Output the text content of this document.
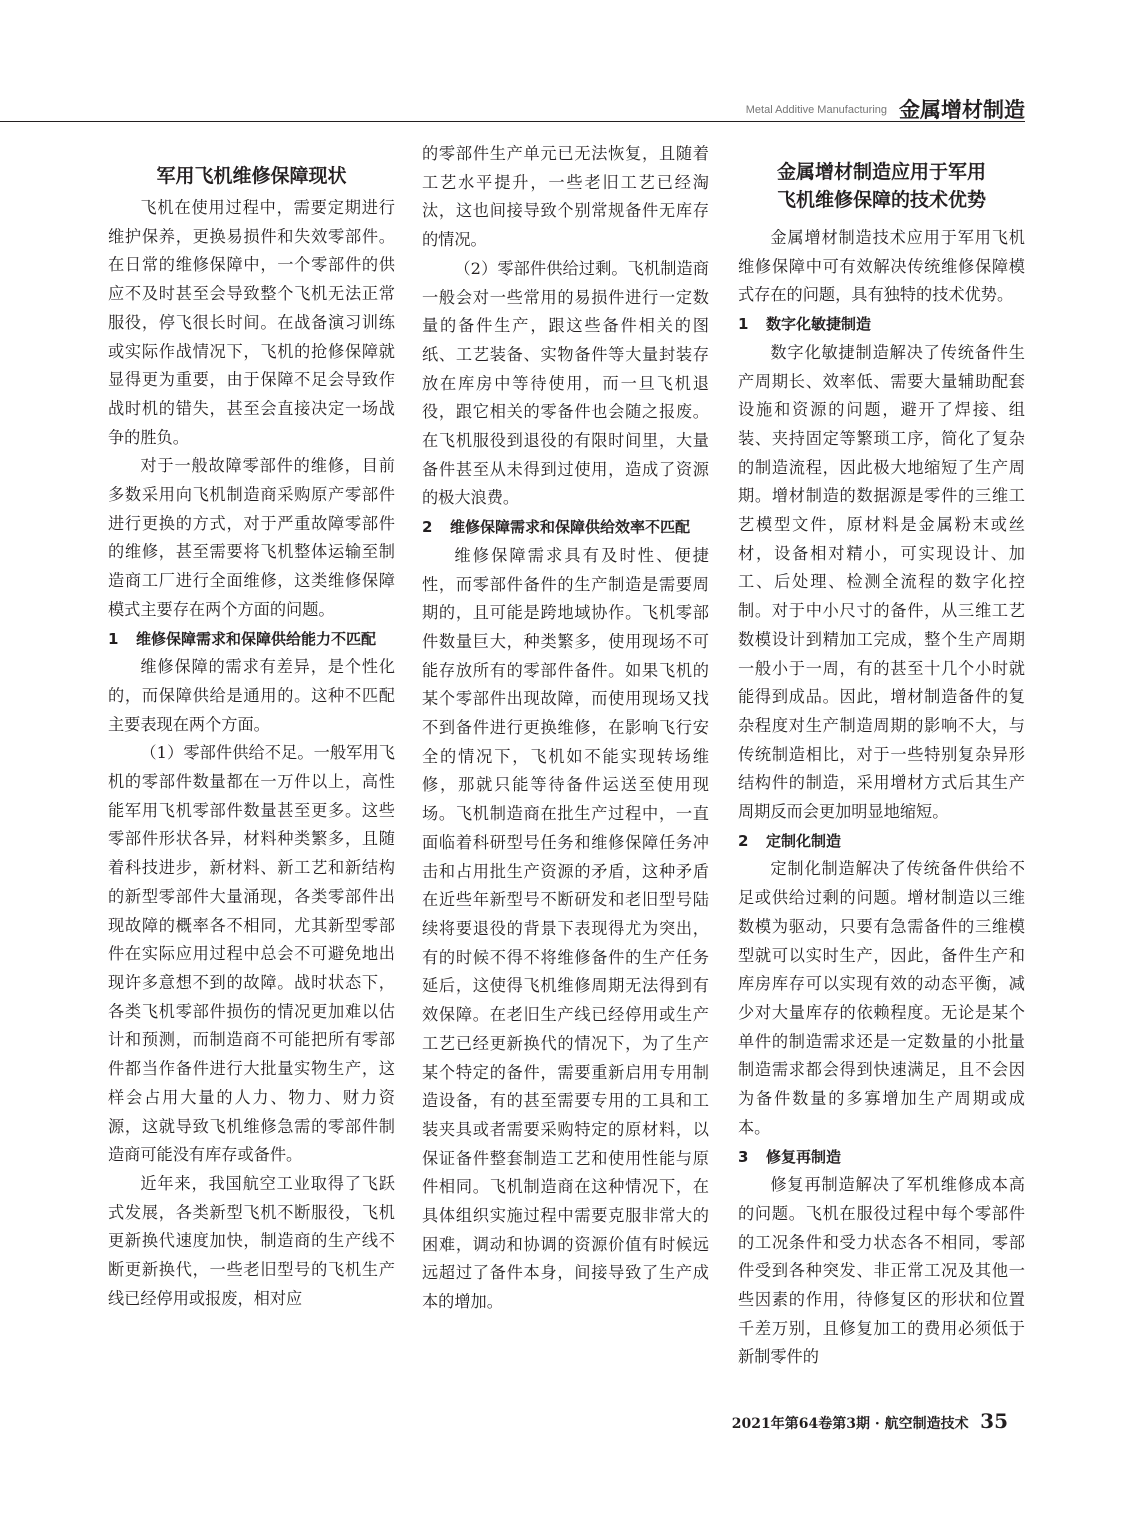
Metal Additive Manufacturing 金属增材制造
军用飞机维修保障现状

飞机在使用过程中，需要定期进行维护保养，更换易损件和失效零部件。在日常的维修保障中，一个零部件的供应不及时甚至会导致整个飞机无法正常服役，停飞很长时间。在战备演习训练或实际作战情况下，飞机的抢修保障就显得更为重要，由于保障不足会导致作战时机的错失，甚至会直接决定一场战争的胜负。

对于一般故障零部件的维修，目前多数采用向飞机制造商采购原产零部件进行更换的方式，对于严重故障零部件的维修，甚至需要将飞机整体运输至制造商工厂进行全面维修，这类维修保障模式主要存在两个方面的问题。

1	维修保障需求和保障供给能力不匹配

维修保障的需求有差异，是个性化的，而保障供给是通用的。这种不匹配主要表现在两个方面。

（1）零部件供给不足。一般军用飞机的零部件数量都在一万件以上，高性能军用飞机零部件数量甚至更多。这些零部件形状各异，材料种类繁多，且随着科技进步，新材料、新工艺和新结构的新型零部件大量涌现，各类零部件出现故障的概率各不相同，尤其新型零部件在实际应用过程中总会不可避免地出现许多意想不到的故障。战时状态下，各类飞机零部件损伤的情况更加难以估计和预测，而制造商不可能把所有零部件都当作备件进行大批量实物生产，这样会占用大量的人力、物力、财力资源，这就导致飞机维修急需的零部件制造商可能没有库存或备件。

近年来，我国航空工业取得了飞跃式发展，各类新型飞机不断服役，飞机更新换代速度加快，制造商的生产线不断更新换代，一些老旧型号的飞机生产线已经停用或报废，相对应

的零部件生产单元已无法恢复，且随着工艺水平提升，一些老旧工艺已经淘汰，这也间接导致个别常规备件无库存的情况。

（2）零部件供给过剩。飞机制造商一般会对一些常用的易损件进行一定数量的备件生产，跟这些备件相关的图纸、工艺装备、实物备件等大量封装存放在库房中等待使用，而一旦飞机退役，跟它相关的零备件也会随之报废。在飞机服役到退役的有限时间里，大量备件甚至从未得到过使用，造成了资源的极大浪费。

2	维修保障需求和保障供给效率不匹配

维修保障需求具有及时性、便捷性，而零部件备件的生产制造是需要周期的，且可能是跨地域协作。飞机零部件数量巨大，种类繁多，使用现场不可能存放所有的零部件备件。如果飞机的某个零部件出现故障，而使用现场又找不到备件进行更换维修，在影响飞行安全的情况下，飞机如不能实现转场维修，那就只能等待备件运送至使用现场。飞机制造商在批生产过程中，一直面临着科研型号任务和维修保障任务冲击和占用批生产资源的矛盾，这种矛盾在近些年新型号不断研发和老旧型号陆续将要退役的背景下表现得尤为突出，有的时候不得不将维修备件的生产任务延后，这使得飞机维修周期无法得到有效保障。在老旧生产线已经停用或生产工艺已经更新换代的情况下，为了生产某个特定的备件，需要重新启用专用制造设备，有的甚至需要专用的工具和工装夹具或者需要采购特定的原材料，以保证备件整套制造工艺和使用性能与原件相同。飞机制造商在这种情况下，在具体组织实施过程中需要克服非常大的困难，调动和协调的资源价值有时候远远超过了备件本身，间接导致了生产成本的增加。

金属增材制造应用于军用
飞机维修保障的技术优势

金属增材制造技术应用于军用飞机维修保障中可有效解决传统维修保障模式存在的问题，具有独特的技术优势。

1	数字化敏捷制造

数字化敏捷制造解决了传统备件生产周期长、效率低、需要大量辅助配套设施和资源的问题，避开了焊接、组装、夹持固定等繁琐工序，简化了复杂的制造流程，因此极大地缩短了生产周期。增材制造的数据源是零件的三维工艺模型文件，原材料是金属粉末或丝材，设备相对精小，可实现设计、加工、后处理、检测全流程的数字化控制。对于中小尺寸的备件，从三维工艺数模设计到精加工完成，整个生产周期一般小于一周，有的甚至十几个小时就能得到成品。因此，增材制造备件的复杂程度对生产制造周期的影响不大，与传统制造相比，对于一些特别复杂异形结构件的制造，采用增材方式后其生产周期反而会更加明显地缩短。

2	定制化制造

定制化制造解决了传统备件供给不足或供给过剩的问题。增材制造以三维数模为驱动，只要有急需备件的三维模型就可以实时生产，因此，备件生产和库房库存可以实现有效的动态平衡，减少对大量库存的依赖程度。无论是某个单件的制造需求还是一定数量的小批量制造需求都会得到快速满足，且不会因为备件数量的多寡增加生产周期或成本。

3	修复再制造

修复再制造解决了军机维修成本高的问题。飞机在服役过程中每个零部件的工况条件和受力状态各不相同，零部件受到各种突发、非正常工况及其他一些因素的作用，待修复区的形状和位置千差万别，且修复加工的费用必须低于新制零件的

2021年第64卷第3期 · 航空制造技术 35
